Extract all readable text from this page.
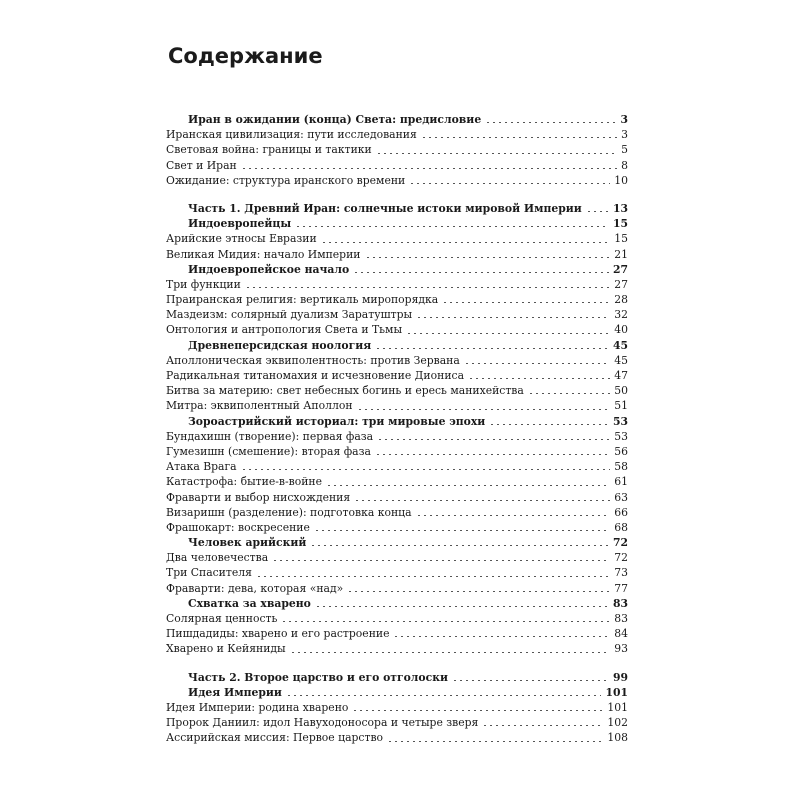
Содержание
Иран в ожидании (конца) Света: предисловие	3
Иранская цивилизация: пути исследования	3
Световая война: границы и тактики	5
Свет и Иран	8
Ожидание: структура иранского времени	10
Часть 1. Древний Иран: солнечные истоки мировой Империи	13
Индоевропейцы	15
Арийские этносы Евразии	15
Великая Мидия: начало Империи	21
Индоевропейское начало	27
Три функции	27
Праиранская религия: вертикаль миропорядка	28
Маздеизм: солярный дуализм Заратуштры	32
Онтология и антропология Света и Тьмы	40
Древнеперсидская ноология	45
Аполлоническая эквиполентность: против Зервана	45
Радикальная титаномахия и исчезновение Диониса	47
Битва за материю: свет небесных богинь и ересь манихейства	50
Митра: эквиполентный Аполлон	51
Зороастрийский историал: три мировые эпохи	53
Бундахишн (творение): первая фаза	53
Гумезишн (смешение): вторая фаза	56
Атака Врага	58
Катастрофа: бытие-в-войне	61
Фраварти и выбор нисхождения	63
Визаришн (разделение): подготовка конца	66
Фрашокарт: воскресение	68
Человек арийский	72
Два человечества	72
Три Спасителя	73
Фраварти: дева, которая «над»	77
Схватка за хварено	83
Солярная ценность	83
Пишдадиды: хварено и его растроение	84
Хварено и Кейяниды	93
Часть 2. Второе царство и его отголоски	99
Идея Империи	101
Идея Империи: родина хварено	101
Пророк Даниил: идол Навуходоносора и четыре зверя	102
Ассирийская миссия: Первое царство	108
